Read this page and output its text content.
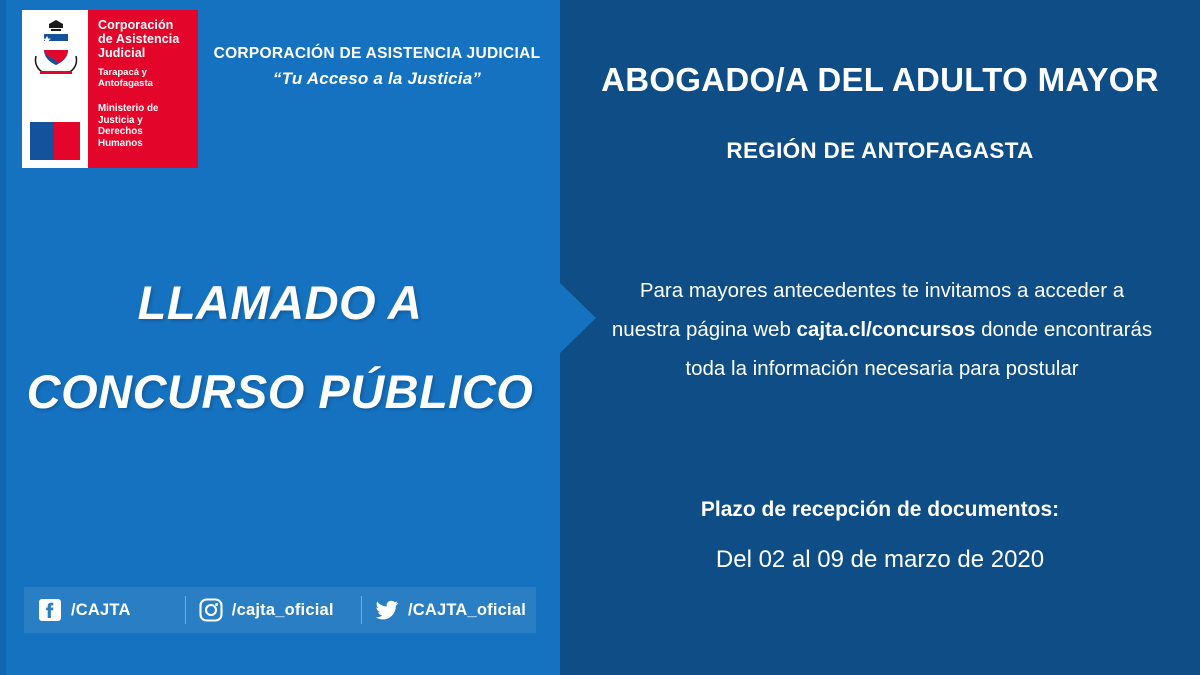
Corporación
de Asistencia
Judicial
Tarapacá y
Antofagasta
Ministerio de
Justicia y
Derechos
Humanos
CORPORACIÓN DE ASISTENCIA JUDICIAL
“Tu Acceso a la Justicia”
LLAMADO A
CONCURSO PÚBLICO
/CAJTA	/cajta_oficial	/CAJTA_oficial
ABOGADO/A DEL ADULTO MAYOR
REGIÓN DE ANTOFAGASTA
Para mayores antecedentes te invitamos a acceder a nuestra página web cajta.cl/concursos donde encontrarás toda la información necesaria para postular
Plazo de recepción de documentos:
Del 02 al 09 de marzo de 2020
